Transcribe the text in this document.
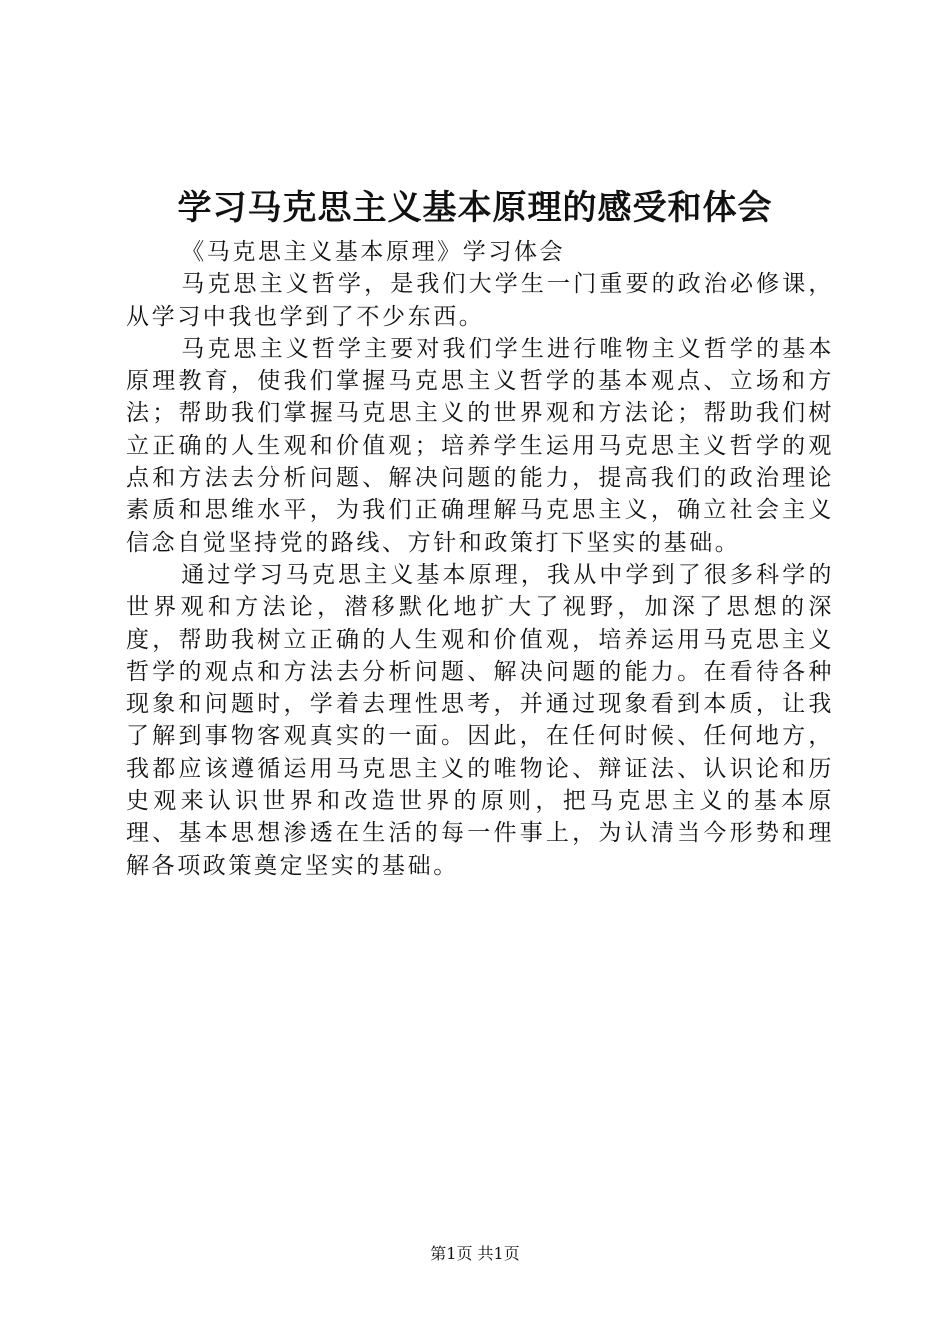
学习马克思主义基本原理的感受和体会

《马克思主义基本原理》学习体会

马克思主义哲学，是我们大学生一门重要的政治必修课，从学习中我也学到了不少东西。

马克思主义哲学主要对我们学生进行唯物主义哲学的基本原理教育，使我们掌握马克思主义哲学的基本观点、立场和方法；帮助我们掌握马克思主义的世界观和方法论；帮助我们树立正确的人生观和价值观；培养学生运用马克思主义哲学的观点和方法去分析问题、解决问题的能力，提高我们的政治理论素质和思维水平，为我们正确理解马克思主义，确立社会主义信念自觉坚持党的路线、方针和政策打下坚实的基础。

通过学习马克思主义基本原理，我从中学到了很多科学的世界观和方法论，潜移默化地扩大了视野，加深了思想的深度，帮助我树立正确的人生观和价值观，培养运用马克思主义哲学的观点和方法去分析问题、解决问题的能力。在看待各种现象和问题时，学着去理性思考，并通过现象看到本质，让我了解到事物客观真实的一面。因此，在任何时候、任何地方，我都应该遵循运用马克思主义的唯物论、辩证法、认识论和历史观来认识世界和改造世界的原则，把马克思主义的基本原理、基本思想渗透在生活的每一件事上，为认清当今形势和理解各项政策奠定坚实的基础。

第1页 共1页
